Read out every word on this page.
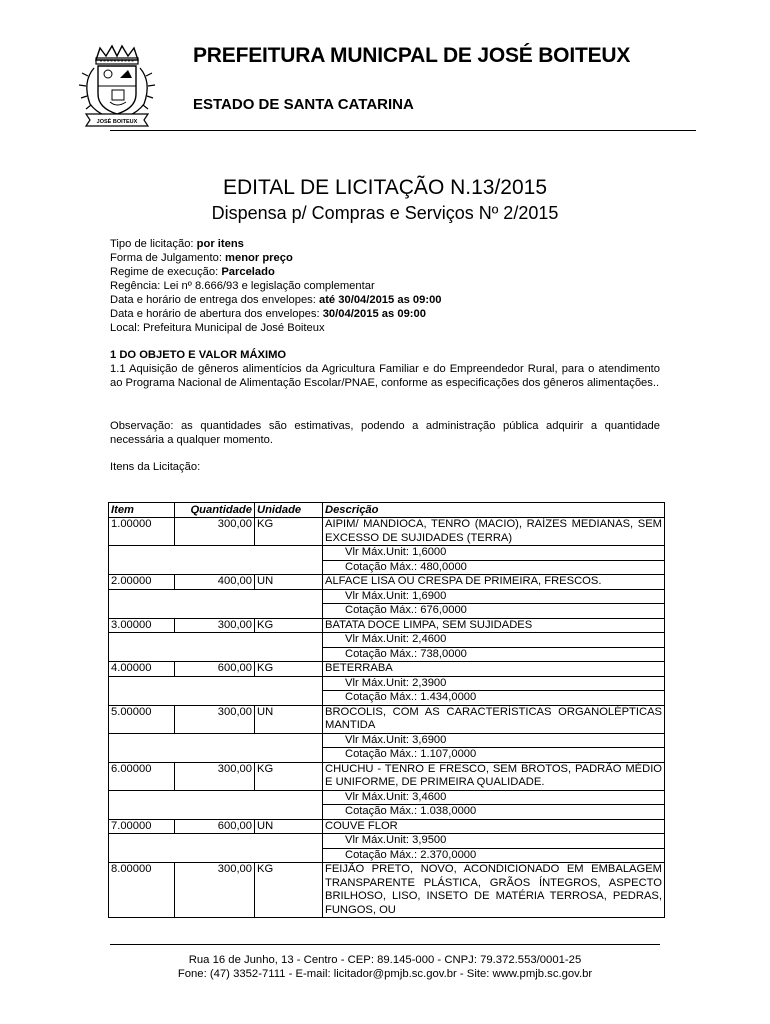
JOSÉ BOITEUX
PREFEITURA MUNICPAL DE JOSÉ BOITEUX
ESTADO DE SANTA CATARINA
EDITAL DE LICITAÇÃO N.13/2015
Dispensa p/ Compras e Serviços Nº 2/2015
Tipo de licitação: por itens
Forma de Julgamento: menor preço
Regime de execução: Parcelado
Regência: Lei nº 8.666/93 e legislação complementar
Data e horário de entrega dos envelopes: até 30/04/2015 as 09:00
Data e horário de abertura dos envelopes: 30/04/2015 as 09:00
Local: Prefeitura Municipal de José Boiteux
1 DO OBJETO E VALOR MÁXIMO
1.1 Aquisição de gêneros alimentícios da Agricultura Familiar e do Empreendedor Rural, para o atendimento ao Programa Nacional de Alimentação Escolar/PNAE, conforme as especificações dos gêneros alimentações..
Observação: as quantidades são estimativas, podendo a administração pública adquirir a quantidade necessária a qualquer momento.
Itens da Licitação:
Item	Quantidade	Unidade	Descrição
1.00000	300,00	KG	AIPIM/ MANDIOCA, TENRO (MACIO), RAÍZES MEDIANAS, SEM EXCESSO DE SUJIDADES (TERRA)
			Vlr Máx.Unit: 1,6000
			Cotação Máx.: 480,0000
2.00000	400,00	UN	ALFACE LISA OU CRESPA DE PRIMEIRA, FRESCOS.
			Vlr Máx.Unit: 1,6900
			Cotação Máx.: 676,0000
3.00000	300,00	KG	BATATA DOCE LIMPA, SEM SUJIDADES
			Vlr Máx.Unit: 2,4600
			Cotação Máx.: 738,0000
4.00000	600,00	KG	BETERRABA
			Vlr Máx.Unit: 2,3900
			Cotação Máx.: 1.434,0000
5.00000	300,00	UN	BROCOLIS, COM AS CARACTERÍSTICAS ORGANOLÉPTICAS MANTIDA
			Vlr Máx.Unit: 3,6900
			Cotação Máx.: 1.107,0000
6.00000	300,00	KG	CHUCHU - TENRO E FRESCO, SEM BROTOS, PADRÃO MÉDIO E UNIFORME, DE PRIMEIRA QUALIDADE.
			Vlr Máx.Unit: 3,4600
			Cotação Máx.: 1.038,0000
7.00000	600,00	UN	COUVE FLOR
			Vlr Máx.Unit: 3,9500
			Cotação Máx.: 2.370,0000
8.00000	300,00	KG	FEIJÃO PRETO, NOVO, ACONDICIONADO EM EMBALAGEM TRANSPARENTE PLÁSTICA, GRÃOS ÍNTEGROS, ASPECTO BRILHOSO, LISO, INSETO DE MATÉRIA TERROSA, PEDRAS, FUNGOS, OU
Rua 16 de Junho, 13 - Centro - CEP: 89.145-000 - CNPJ: 79.372.553/0001-25
Fone: (47) 3352-7111 - E-mail: licitador@pmjb.sc.gov.br - Site: www.pmjb.sc.gov.br
